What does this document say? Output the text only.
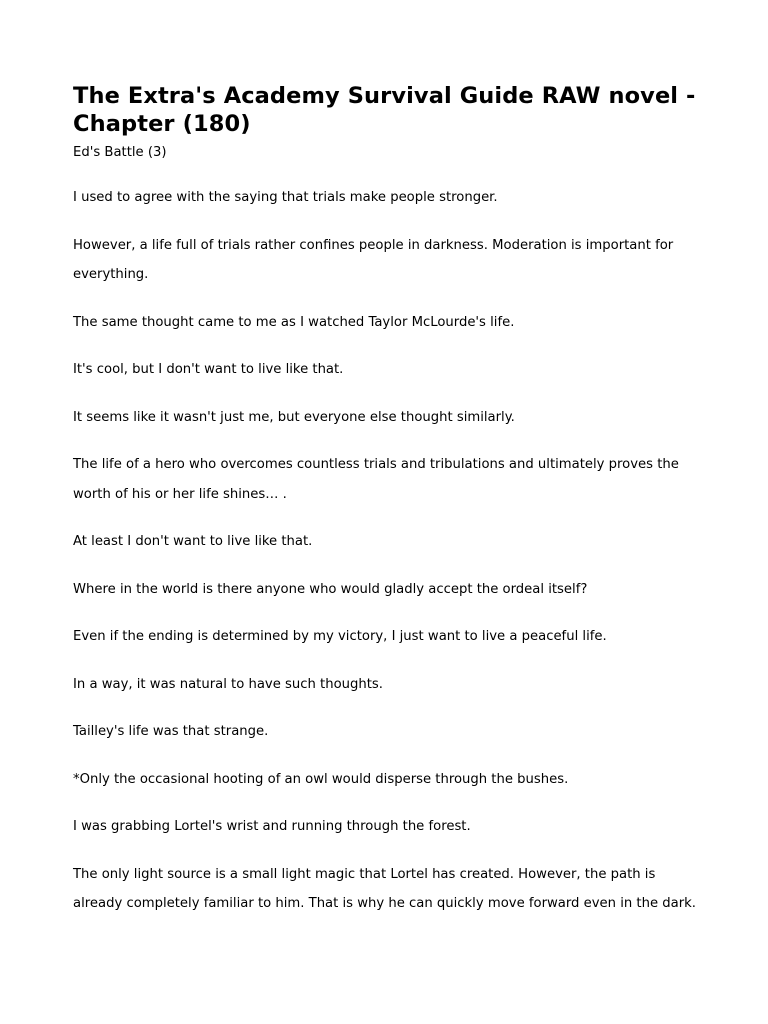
The Extra's Academy Survival Guide RAW novel - Chapter (180)
Ed's Battle (3)

I used to agree with the saying that trials make people stronger.

However, a life full of trials rather confines people in darkness. Moderation is important for everything.

The same thought came to me as I watched Taylor McLourde's life.

It's cool, but I don't want to live like that.

It seems like it wasn't just me, but everyone else thought similarly.

The life of a hero who overcomes countless trials and tribulations and ultimately proves the worth of his or her life shines… .

At least I don't want to live like that.

Where in the world is there anyone who would gladly accept the ordeal itself?

Even if the ending is determined by my victory, I just want to live a peaceful life.

In a way, it was natural to have such thoughts.

Tailley's life was that strange.

*Only the occasional hooting of an owl would disperse through the bushes.

I was grabbing Lortel's wrist and running through the forest.

The only light source is a small light magic that Lortel has created. However, the path is already completely familiar to him. That is why he can quickly move forward even in the dark.
